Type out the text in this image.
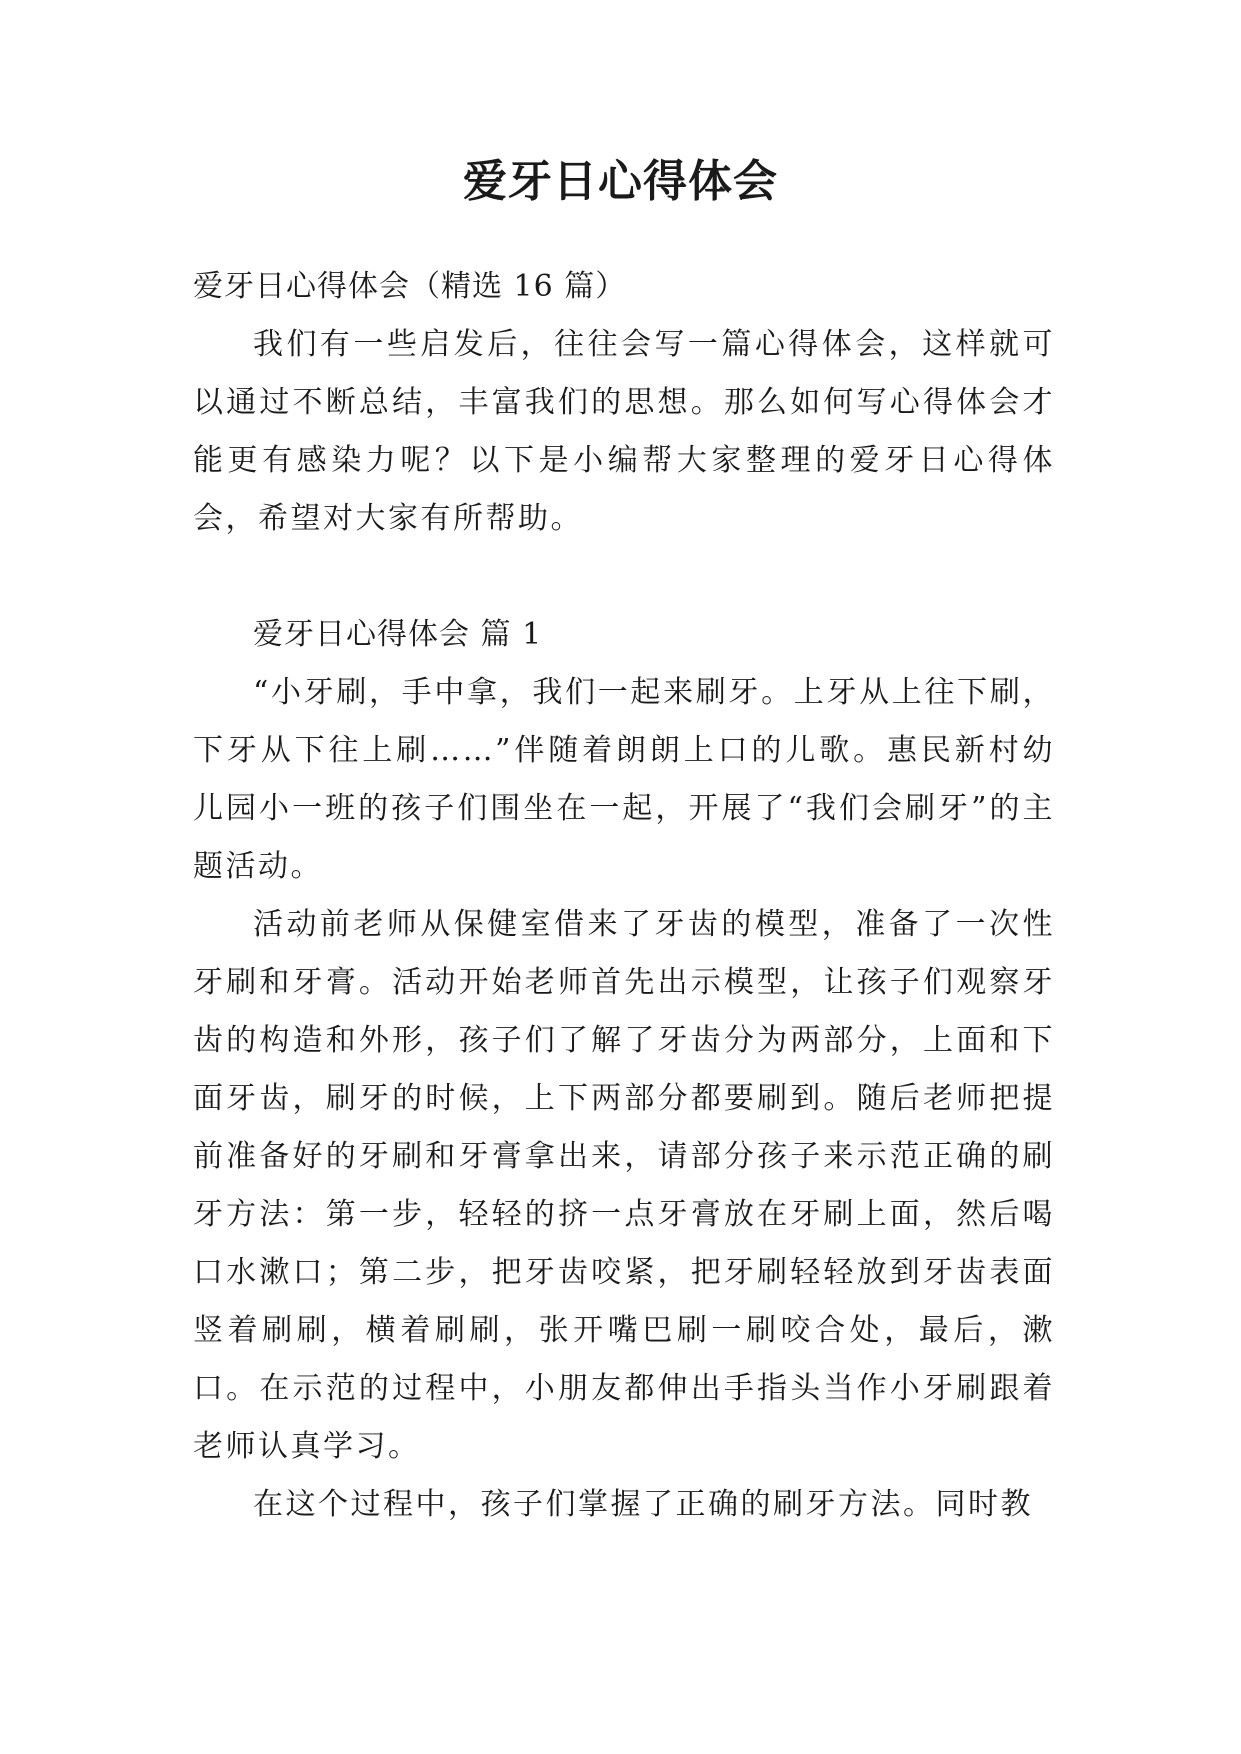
爱牙日心得体会

爱牙日心得体会（精选 16 篇）

我们有一些启发后，往往会写一篇心得体会，这样就可以通过不断总结，丰富我们的思想。那么如何写心得体会才能更有感染力呢？以下是小编帮大家整理的爱牙日心得体会，希望对大家有所帮助。

爱牙日心得体会 篇 1

“小牙刷，手中拿，我们一起来刷牙。上牙从上往下刷，下牙从下往上刷……”伴随着朗朗上口的儿歌。惠民新村幼儿园小一班的孩子们围坐在一起，开展了“我们会刷牙”的主题活动。

活动前老师从保健室借来了牙齿的模型，准备了一次性牙刷和牙膏。活动开始老师首先出示模型，让孩子们观察牙齿的构造和外形，孩子们了解了牙齿分为两部分，上面和下面牙齿，刷牙的时候，上下两部分都要刷到。随后老师把提前准备好的牙刷和牙膏拿出来，请部分孩子来示范正确的刷牙方法：第一步，轻轻的挤一点牙膏放在牙刷上面，然后喝口水漱口；第二步，把牙齿咬紧，把牙刷轻轻放到牙齿表面竖着刷刷，横着刷刷，张开嘴巴刷一刷咬合处，最后，漱口。在示范的过程中，小朋友都伸出手指头当作小牙刷跟着老师认真学习。

在这个过程中，孩子们掌握了正确的刷牙方法。同时教
